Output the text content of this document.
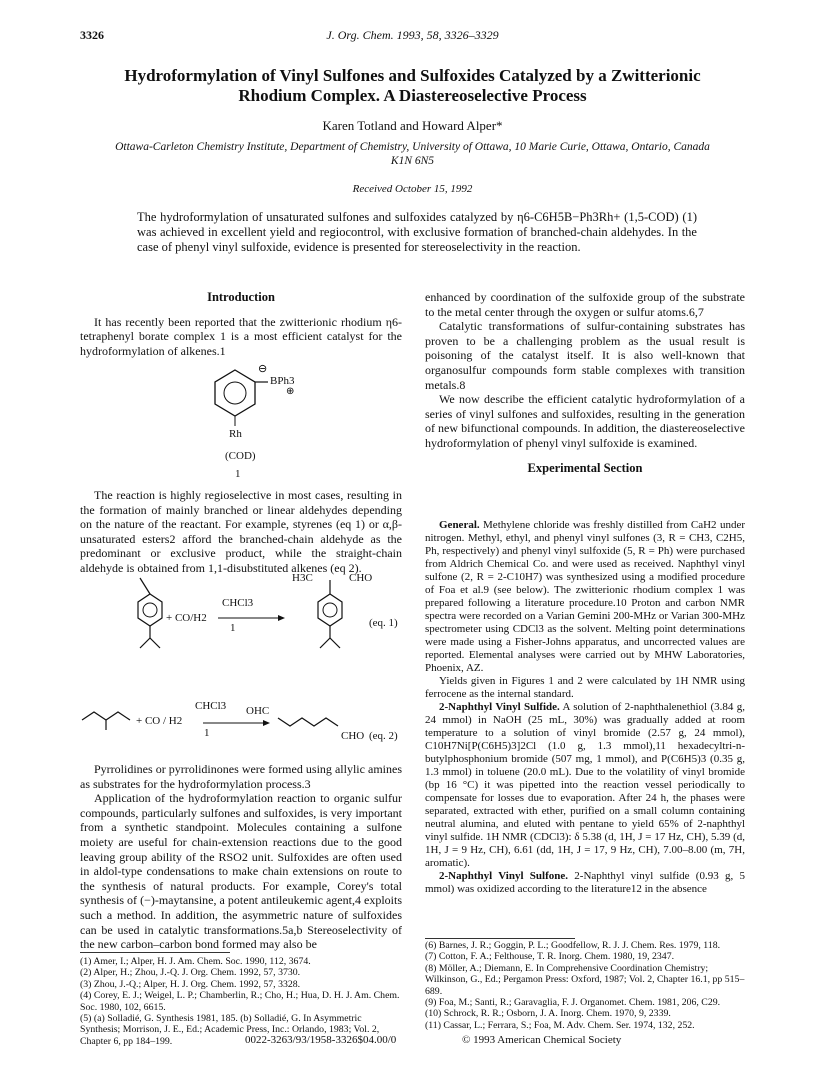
3326	J. Org. Chem. 1993, 58, 3326–3329
Hydroformylation of Vinyl Sulfones and Sulfoxides Catalyzed by a Zwitterionic Rhodium Complex. A Diastereoselective Process
Karen Totland and Howard Alper*
Ottawa-Carleton Chemistry Institute, Department of Chemistry, University of Ottawa, 10 Marie Curie, Ottawa, Ontario, Canada K1N 6N5
Received October 15, 1992
The hydroformylation of unsaturated sulfones and sulfoxides catalyzed by η6-C6H5B−Ph3Rh+ (1,5-COD) (1) was achieved in excellent yield and regiocontrol, with exclusive formation of branched-chain aldehydes. In the case of phenyl vinyl sulfoxide, evidence is presented for stereoselectivity in the reaction.

Introduction

It has recently been reported that the zwitterionic rhodium η6-tetraphenyl borate complex 1 is a most efficient catalyst for the hydroformylation of alkenes.1

⊖
⊕
BPh3
Rh
(COD)
1

The reaction is highly regioselective in most cases, resulting in the formation of mainly branched or linear aldehydes depending on the nature of the reactant. For example, styrenes (eq 1) or α,β-unsaturated esters2 afford the branched-chain aldehyde as the predominant or exclusive product, while the straight-chain aldehyde is obtained from 1,1-disubstituted alkenes (eq 2).

+ CO/H2
CHCl3
1
H3C	CHO
(eq. 1)
+ CO / H2
CHCl3
1
OHC
CHO (eq. 2)

Pyrrolidines or pyrrolidinones were formed using allylic amines as substrates for the hydroformylation process.3

Application of the hydroformylation reaction to organic sulfur compounds, particularly sulfones and sulfoxides, is very important from a synthetic standpoint. Molecules containing a sulfone moiety are useful for chain-extension reactions due to the good leaving group ability of the RSO2 unit. Sulfoxides are often used in aldol-type condensations to make chain extensions on route to the synthesis of natural products. For example, Corey's total synthesis of (−)-maytansine, a potent antileukemic agent,4 exploits such a method. In addition, the asymmetric nature of sulfoxides can be used in catalytic transformations.5a,b Stereoselectivity of the new carbon–carbon bond formed may also be

(1) Amer, I.; Alper, H. J. Am. Chem. Soc. 1990, 112, 3674.

(2) Alper, H.; Zhou, J.-Q. J. Org. Chem. 1992, 57, 3730.

(3) Zhou, J.-Q.; Alper, H. J. Org. Chem. 1992, 57, 3328.

(4) Corey, E. J.; Weigel, L. P.; Chamberlin, R.; Cho, H.; Hua, D. H. J. Am. Chem. Soc. 1980, 102, 6615.

(5) (a) Solladié, G. Synthesis 1981, 185. (b) Solladié, G. In Asymmetric Synthesis; Morrison, J. E., Ed.; Academic Press, Inc.: Orlando, 1983; Vol. 2, Chapter 6, pp 184–199.

enhanced by coordination of the sulfoxide group of the substrate to the metal center through the oxygen or sulfur atoms.6,7

Catalytic transformations of sulfur-containing substrates has proven to be a challenging problem as the usual result is poisoning of the catalyst itself. It is also well-known that organosulfur compounds form stable complexes with transition metals.8

We now describe the efficient catalytic hydroformylation of a series of vinyl sulfones and sulfoxides, resulting in the generation of new bifunctional compounds. In addition, the diastereoselective hydroformylation of phenyl vinyl sulfoxide is examined.

Experimental Section

General. Methylene chloride was freshly distilled from CaH2 under nitrogen. Methyl, ethyl, and phenyl vinyl sulfones (3, R = CH3, C2H5, Ph, respectively) and phenyl vinyl sulfoxide (5, R = Ph) were purchased from Aldrich Chemical Co. and were used as received. Naphthyl vinyl sulfone (2, R = 2-C10H7) was synthesized using a modified procedure of Foa et al.9 (see below). The zwitterionic rhodium complex 1 was prepared following a literature procedure.10 Proton and carbon NMR spectra were recorded on a Varian Gemini 200-MHz or Varian 300-MHz spectrometer using CDCl3 as the solvent. Melting point determinations were made using a Fisher-Johns apparatus, and uncorrected values are reported. Elemental analyses were carried out by MHW Laboratories, Phoenix, AZ.

Yields given in Figures 1 and 2 were calculated by 1H NMR using ferrocene as the internal standard.

2-Naphthyl Vinyl Sulfide. A solution of 2-naphthalenethiol (3.84 g, 24 mmol) in NaOH (25 mL, 30%) was gradually added at room temperature to a solution of vinyl bromide (2.57 g, 24 mmol), C10H7Ni[P(C6H5)3]2Cl (1.0 g, 1.3 mmol),11 hexadecyltri-n-butylphosphonium bromide (507 mg, 1 mmol), and P(C6H5)3 (0.35 g, 1.3 mmol) in toluene (20.0 mL). Due to the volatility of vinyl bromide (bp 16 °C) it was pipetted into the reaction vessel periodically to compensate for losses due to evaporation. After 24 h, the phases were separated, extracted with ether, purified on a small column containing neutral alumina, and eluted with pentane to yield 65% of 2-naphthyl vinyl sulfide. 1H NMR (CDCl3): δ 5.38 (d, 1H, J = 17 Hz, CH), 5.39 (d, 1H, J = 9 Hz, CH), 6.61 (dd, 1H, J = 17, 9 Hz, CH), 7.00–8.00 (m, 7H, aromatic).

2-Naphthyl Vinyl Sulfone. 2-Naphthyl vinyl sulfide (0.93 g, 5 mmol) was oxidized according to the literature12 in the absence

(6) Barnes, J. R.; Goggin, P. L.; Goodfellow, R. J. J. Chem. Res. 1979, 118.

(7) Cotton, F. A.; Felthouse, T. R. Inorg. Chem. 1980, 19, 2347.

(8) Möller, A.; Diemann, E. In Comprehensive Coordination Chemistry; Wilkinson, G., Ed.; Pergamon Press: Oxford, 1987; Vol. 2, Chapter 16.1, pp 515–689.

(9) Foa, M.; Santi, R.; Garavaglia, F. J. Organomet. Chem. 1981, 206, C29.

(10) Schrock, R. R.; Osborn, J. A. Inorg. Chem. 1970, 9, 2339.

(11) Cassar, L.; Ferrara, S.; Foa, M. Adv. Chem. Ser. 1974, 132, 252.

0022-3263/93/1958-3326$04.00/0	© 1993 American Chemical Society
